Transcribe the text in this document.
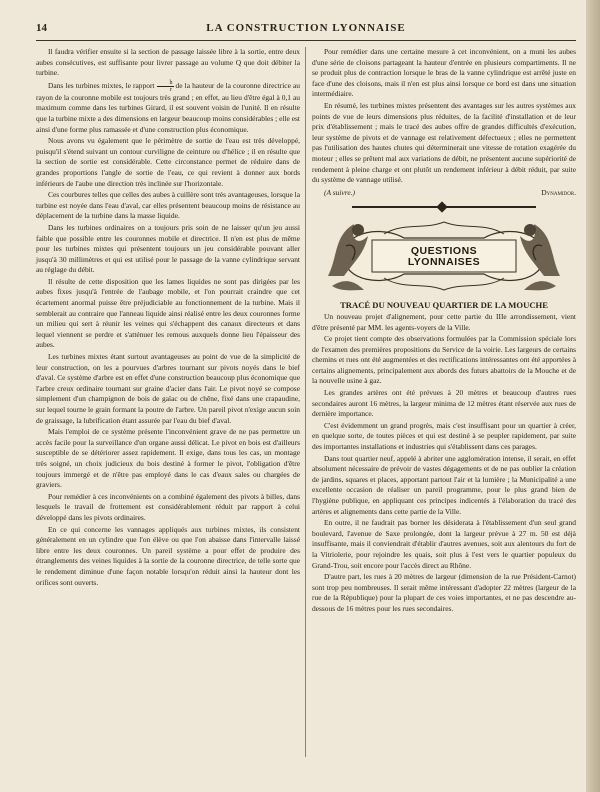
14	LA CONSTRUCTION LYONNAISE

Il faudra vérifier ensuite si la section de passage laissée libre à la sortie, entre deux aubes consécutives, est suffisante pour livrer passage au volume Q que doit débiter la turbine.

Dans les turbines mixtes, le rapport $\frac{h}{r}$ de la hauteur de la couronne directrice au rayon de la couronne mobile est toujours très grand ; en effet, au lieu d'être égal à 0,1 au maximum comme dans les turbines Girard, il est souvent voisin de l'unité. Il en résulte que la turbine mixte a des dimensions en largeur beaucoup moins considérables ; elle est ainsi d'une forme plus ramassée et d'une construction plus économique.

Nous avons vu également que le périmètre de sortie de l'eau est très développé, puisqu'il s'étend suivant un contour curviligne de ceinture ou d'hélice ; il en résulte que la section de sortie est considérable. Cette circonstance permet de réduire dans de grandes proportions l'angle de sortie de l'eau, ce qui revient à donner aux bords inférieurs de l'aube une direction très inclinée sur l'horizontale.

Ces courbures telles que celles des aubes à cuillère sont très avantageuses, lorsque la turbine est noyée dans l'eau d'aval, car elles présentent beaucoup moins de résistance au déplacement de la turbine dans la masse liquide.

Dans les turbines ordinaires on a toujours pris soin de ne laisser qu'un jeu aussi faible que possible entre les couronnes mobile et directrice. Il n'en est plus de même pour les turbines mixtes qui présentent toujours un jeu considérable pouvant aller jusqu'à 30 millimètres et qui est utilisé pour le passage de la vanne cylindrique servant au réglage du débit.

Il résulte de cette disposition que les lames liquides ne sont pas dirigées par les aubes fixes jusqu'à l'entrée de l'aubage mobile, et l'on pourrait craindre que cet écartement anormal puisse être préjudiciable au fonctionnement de la turbine. Mais il semblerait au contraire que l'anneau liquide ainsi réalisé entre les deux couronnes forme un milieu qui sert à réunir les veines qui s'échappent des canaux directeurs et dans lequel viennent se perdre et s'atténuer les remous auxquels donne lieu l'épaisseur des aubes.

Les turbines mixtes étant surtout avantageuses au point de vue de la simplicité de leur construction, on les a pourvues d'arbres tournant sur pivots noyés dans le bief d'aval. Ce système d'arbre est en effet d'une construction beaucoup plus économique que l'arbre creux ordinaire tournant sur graine d'acier dans l'air. Le pivot noyé se compose simplement d'un champignon de bois de gaïac ou de chêne, fixé dans une crapaudine, sur lequel tourne le grain formant la poutre de l'arbre. Un pareil pivot n'exige aucun soin de graissage, la lubrification étant assurée par l'eau du bief d'aval.

Mais l'emploi de ce système présente l'inconvénient grave de ne pas permettre un accès facile pour la surveillance d'un organe aussi délicat. Le pivot en bois est d'ailleurs susceptible de se détériorer assez rapidement. Il exige, dans tous les cas, un montage très soigné, un choix judicieux du bois destiné à former le pivot, l'obligation d'être toujours immergé et de n'être pas employé dans le cas d'eaux sales ou chargées de graviers.

Pour remédier à ces inconvénients on a combiné également des pivots à billes, dans lesquels le travail de frottement est considérablement réduit par rapport à celui développé dans les pivots ordinaires.

En ce qui concerne les vannages appliqués aux turbines mixtes, ils consistent généralement en un cylindre que l'on élève ou que l'on abaisse dans l'intervalle laissé libre entre les deux couronnes. Un pareil système a pour effet de produire des étranglements des veines liquides à la sortie de la couronne directrice, de telle sorte que le rendement diminue d'une façon notable lorsqu'on réduit ainsi la hauteur dont les orifices sont ouverts.

Pour remédier dans une certaine mesure à cet inconvénient, on a muni les aubes d'une série de cloisons partageant la hauteur d'entrée en plusieurs compartiments. Il ne se produit plus de contraction lorsque le bras de la vanne cylindrique est arrêté juste en face d'une des cloisons, mais il n'en est plus ainsi lorsque ce bord est dans une situation intermédiaire.

En résumé, les turbines mixtes présentent des avantages sur les autres systèmes aux points de vue de leurs dimensions plus réduites, de la facilité d'installation et de leur prix d'établissement ; mais le tracé des aubes offre de grandes difficultés d'exécution, leur système de pivots et de vannage est relativement défectueux ; elles ne permettent pas l'utilisation des hautes chutes qui déterminerait une vitesse de rotation exagérée du moteur ; elles se prêtent mal aux variations de débit, ne présentent aucune supériorité de rendement à pleine charge et ont plutôt un rendement inférieur à débit réduit, par suite du système de vannage utilisé.

(A suivre.)	Dynamidor.
QUESTIONS LYONNAISES

TRACÉ DU NOUVEAU QUARTIER DE LA MOUCHE

Un nouveau projet d'alignement, pour cette partie du IIIe arrondissement, vient d'être présenté par MM. les agents-voyers de la Ville.

Ce projet tient compte des observations formulées par la Commission spéciale lors de l'examen des premières propositions du Service de la voirie. Les largeurs de certains chemins et rues ont été augmentées et des rectifications intéressantes ont été apportées à certains alignements, principalement aux abords des futurs abattoirs de la Mouche et de la nouvelle usine à gaz.

Les grandes artères ont été prévues à 20 mètres et beaucoup d'autres rues secondaires auront 16 mètres, la largeur minima de 12 mètres étant réservée aux rues de dernière importance.

C'est évidemment un grand progrès, mais c'est insuffisant pour un quartier à créer, en quelque sorte, de toutes pièces et qui est destiné à se peupler rapidement, par suite des importantes installations et industries qui s'établissent dans ces parages.

Dans tout quartier neuf, appelé à abriter une agglomération intense, il serait, en effet absolument nécessaire de prévoir de vastes dégagements et de ne pas oublier la création de jardins, squares et places, apportant partout l'air et la lumière ; la Municipalité a une excellente occasion de réaliser un pareil programme, pour le plus grand bien de l'hygiène publique, en appliquant ces principes indicentés à l'élaboration du tracé des artères et alignements dans cette partie de la Ville.

En outre, il ne faudrait pas borner les désiderata à l'établissement d'un seul grand boulevard, l'avenue de Saxe prolongée, dont la largeur prévue à 27 m. 50 est déjà insuffisante, mais il conviendrait d'établir d'autres avenues, soit aux alentours du fort de la Vitriolerie, pour rejoindre les quais, soit plus à l'est vers le quartier populeux du Grand-Trou, soit encore pour l'accès direct au Rhône.

D'autre part, les rues à 20 mètres de largeur (dimension de la rue Président-Carnot) sont trop peu nombreuses. Il serait même intéressant d'adopter 22 mètres (largeur de la rue de la République) pour la plupart de ces voies importantes, et ne pas descendre au-dessous de 16 mètres pour les rues secondaires.
